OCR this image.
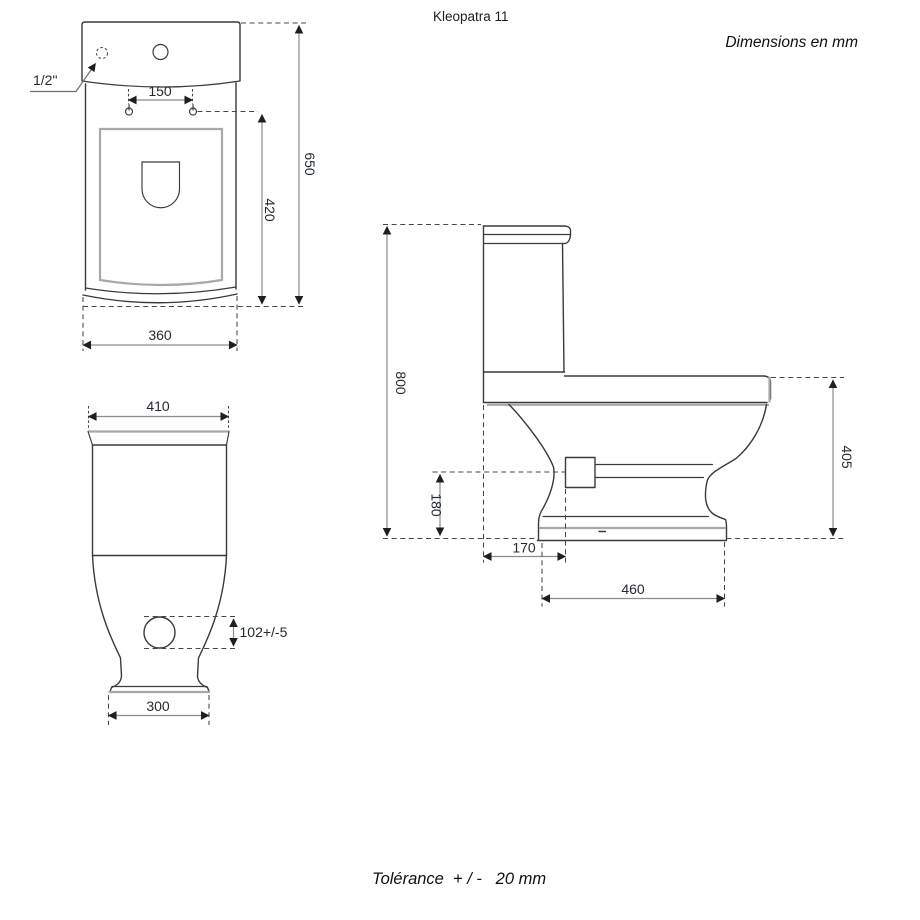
1/2"
150
420
650
360
410
102+/-5
300
800
180
170
460
405
Kleopatra 11
Dimensions en mm
Tolérance  + / -   20 mm
